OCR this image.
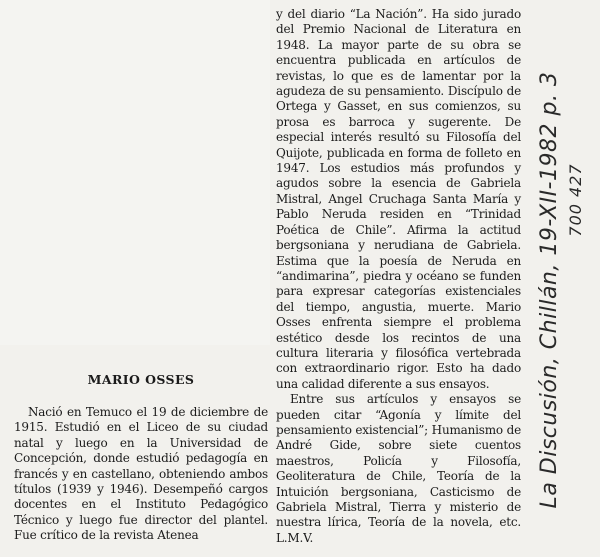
MARIO OSSES

Nació en Temuco el 19 de diciembre de 1915. Estudió en el Liceo de su ciudad natal y luego en la Universidad de Concepción, donde estudió pedagogía en francés y en castellano, obteniendo ambos títulos (1939 y 1946). Desempeñó cargos docentes en el Instituto Pedagógico Técnico y luego fue director del plantel. Fue crítico de la revista Atenea

y del diario “La Nación”. Ha sido jurado del Premio Nacional de Literatura en 1948. La mayor parte de su obra se encuentra publicada en artículos de revistas, lo que es de lamentar por la agudeza de su pensamiento. Discípulo de Ortega y Gasset, en sus comienzos, su prosa es barroca y sugerente. De especial interés resultó su Filosofía del Quijote, publicada en forma de folleto en 1947. Los estudios más profundos y agudos sobre la esencia de Gabriela Mistral, Angel Cruchaga Santa María y Pablo Neruda residen en “Trinidad Poética de Chile”. Afirma la actitud bergsoniana y nerudiana de Gabriela. Estima que la poesía de Neruda en “andimarina”, piedra y océano se funden para expresar categorías existenciales del tiempo, angustia, muerte. Mario Osses enfrenta siempre el problema estético desde los recintos de una cultura literaria y filosófica vertebrada con extraordinario rigor. Esto ha dado una calidad diferente a sus ensayos.

Entre sus artículos y ensayos se pueden citar “Agonía y límite del pensamiento existencial”; Humanismo de André Gide, sobre siete cuentos maestros, Policía y Filosofía, Geoliteratura de Chile, Teoría de la Intuición bergsoniana, Casticismo de Gabriela Mistral, Tierra y misterio de nuestra lírica, Teoría de la novela, etc. L.M.V.

La Discusión, Chillán, 19-XII-1982 p. 3 700 427
